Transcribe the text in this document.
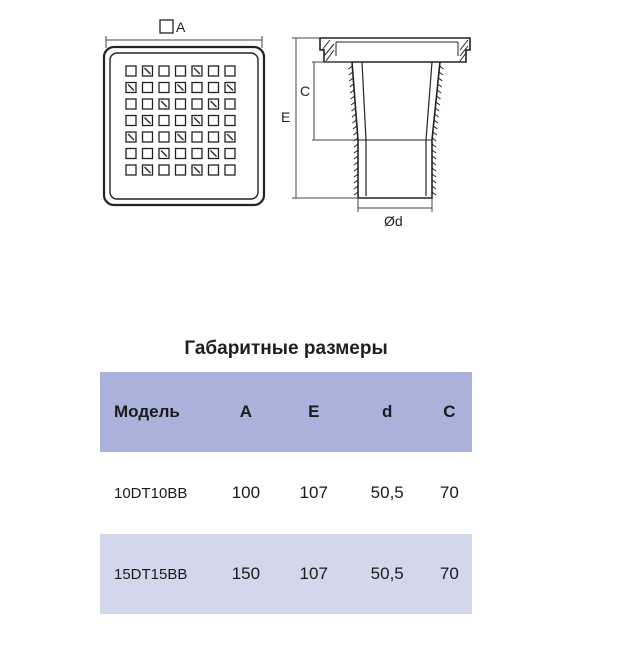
A
C
E
Ød
Габаритные размеры
Модель	A	E	d	C
10DT10BB	100	107	50,5	70
15DT15BB	150	107	50,5	70
